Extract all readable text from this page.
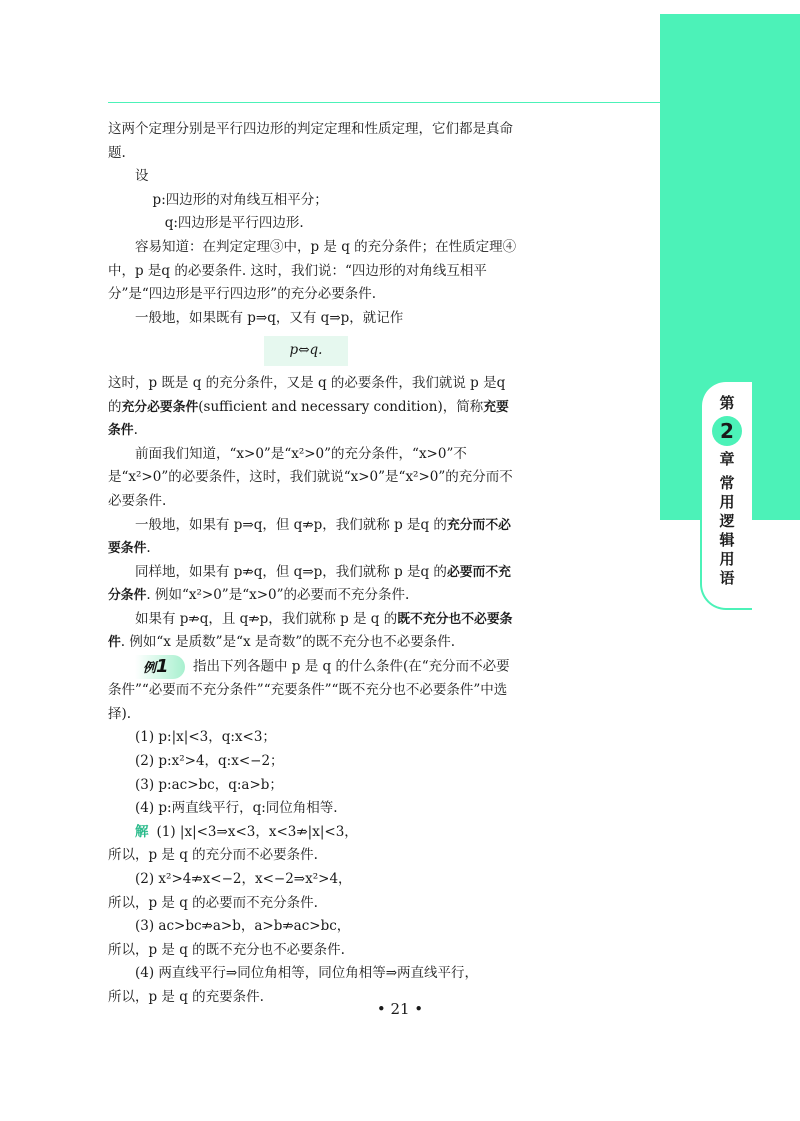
第
2
章
常 用 逻 辑 用 语

这两个定理分别是平行四边形的判定定理和性质定理，它们都是真命题.

设

p:四边形的对角线互相平分；

q:四边形是平行四边形.

容易知道：在判定定理③中，p 是 q 的充分条件；在性质定理④中，p 是q 的必要条件. 这时，我们说：“四边形的对角线互相平分”是“四边形是平行四边形”的充分必要条件.

一般地，如果既有 p⇒q，又有 q⇒p，就记作

p⇔q.

这时，p 既是 q 的充分条件，又是 q 的必要条件，我们就说 p 是q 的充分必要条件(sufficient and necessary condition)，简称充要条件.

前面我们知道，“x>0”是“x²>0”的充分条件，“x>0”不是“x²>0”的必要条件，这时，我们就说“x>0”是“x²>0”的充分而不必要条件.

一般地，如果有 p⇒q，但 q⇏p，我们就称 p 是q 的充分而不必要条件.

同样地，如果有 p⇏q，但 q⇒p，我们就称 p 是q 的必要而不充分条件. 例如“x²>0”是“x>0”的必要而不充分条件.

如果有 p⇏q，且 q⇏p，我们就称 p 是 q 的既不充分也不必要条件. 例如“x 是质数”是“x 是奇数”的既不充分也不必要条件.

例1 指出下列各题中 p 是 q 的什么条件(在“充分而不必要条件”“必要而不充分条件”“充要条件”“既不充分也不必要条件”中选择).

(1) p:|x|<3，q:x<3；

(2) p:x²>4，q:x<−2；

(3) p:ac>bc，q:a>b；

(4) p:两直线平行，q:同位角相等.

解 (1) |x|<3⇒x<3，x<3⇏|x|<3，

所以，p 是 q 的充分而不必要条件.

(2) x²>4⇏x<−2，x<−2⇒x²>4，

所以，p 是 q 的必要而不充分条件.

(3) ac>bc⇏a>b，a>b⇏ac>bc，

所以，p 是 q 的既不充分也不必要条件.

(4) 两直线平行⇒同位角相等，同位角相等⇒两直线平行，

所以，p 是 q 的充要条件.

• 21 •
